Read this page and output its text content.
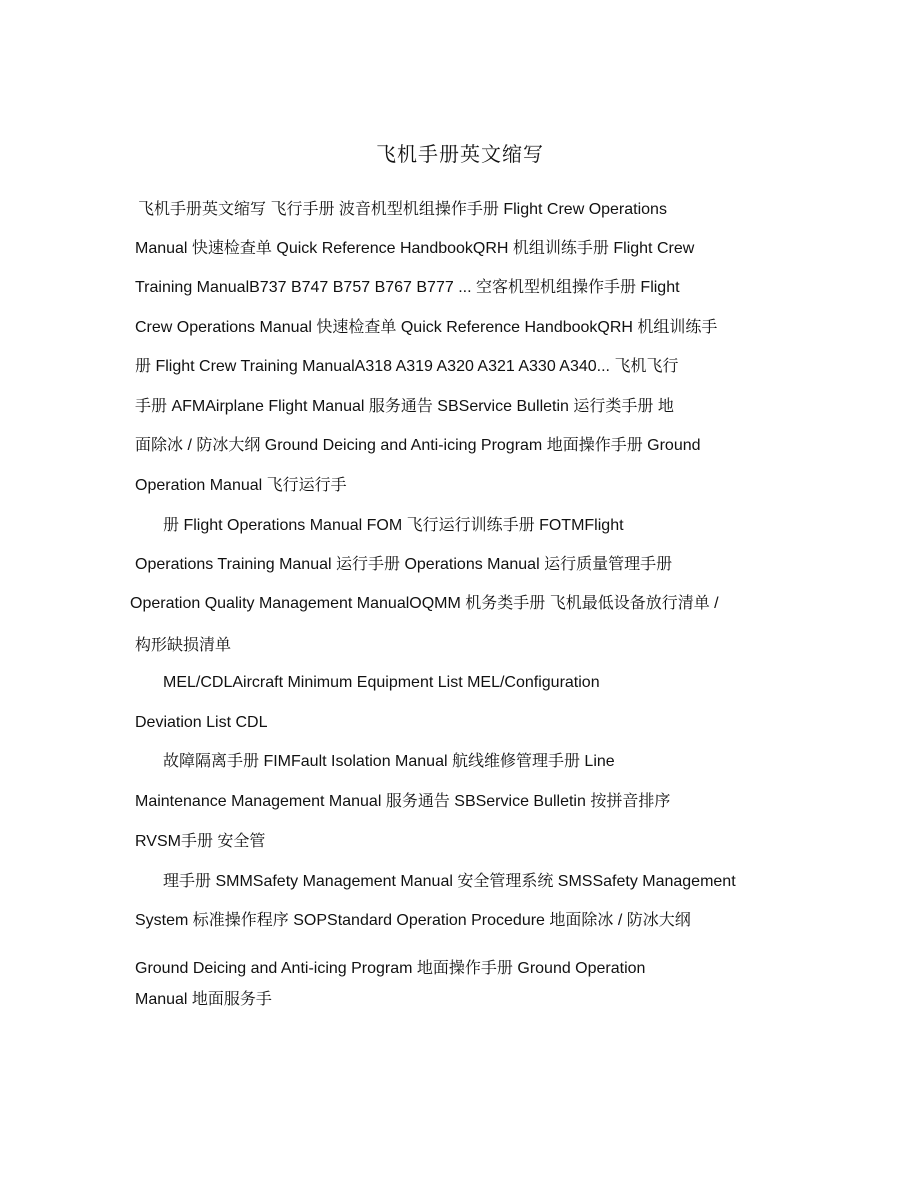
飞机手册英文缩写
飞机手册英文缩写 飞行手册 波音机型机组操作手册 Flight Crew Operations
Manual 快速检查单 Quick Reference HandbookQRH 机组训练手册 Flight Crew
Training ManualB737 B747 B757 B767 B777 ... 空客机型机组操作手册 Flight
Crew Operations Manual 快速检查单 Quick Reference HandbookQRH 机组训练手
册 Flight Crew Training ManualA318 A319 A320 A321 A330 A340... 飞机飞行
手册 AFMAirplane Flight Manual 服务通告 SBService Bulletin 运行类手册 地
面除冰 / 防冰大纲 Ground Deicing and Anti-icing Program 地面操作手册 Ground
Operation Manual 飞行运行手
册 Flight Operations Manual FOM 飞行运行训练手册 FOTMFlight
Operations Training Manual 运行手册 Operations Manual 运行质量管理手册
Operation Quality Management ManualOQMM 机务类手册 飞机最低设备放行清单 /
构形缺损清单
MEL/CDLAircraft Minimum Equipment List MEL/Configuration
Deviation List CDL
故障隔离手册 FIMFault Isolation Manual 航线维修管理手册 Line
Maintenance Management Manual 服务通告 SBService Bulletin 按拼音排序
RVSM手册 安全管
理手册 SMMSafety Management Manual 安全管理系统 SMSSafety Management
System 标准操作程序 SOPStandard Operation Procedure 地面除冰 / 防冰大纲
Ground Deicing and Anti-icing Program 地面操作手册 Ground Operation
Manual 地面服务手
